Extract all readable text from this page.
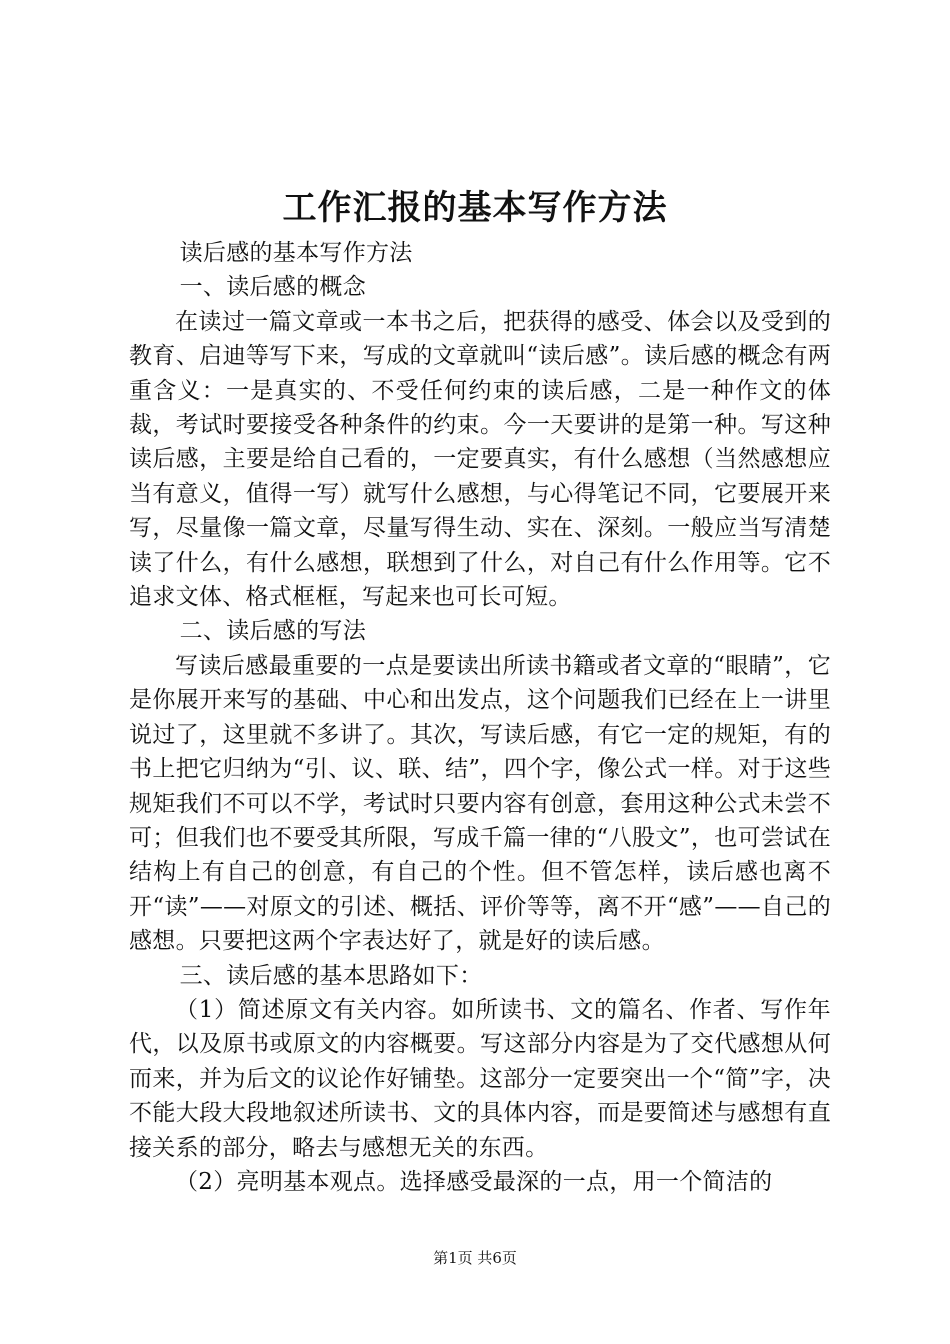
工作汇报的基本写作方法
读后感的基本写作方法
一、读后感的概念
在读过一篇文章或一本书之后，把获得的感受、体会以及受到的教育、启迪等写下来，写成的文章就叫“读后感”。读后感的概念有两重含义：一是真实的、不受任何约束的读后感，二是一种作文的体裁，考试时要接受各种条件的约束。今一天要讲的是第一种。写这种读后感，主要是给自己看的，一定要真实，有什么感想（当然感想应当有意义，值得一写）就写什么感想，与心得笔记不同，它要展开来写，尽量像一篇文章，尽量写得生动、实在、深刻。一般应当写清楚读了什么，有什么感想，联想到了什么，对自己有什么作用等。它不追求文体、格式框框，写起来也可长可短。
二、读后感的写法
写读后感最重要的一点是要读出所读书籍或者文章的“眼睛”，它是你展开来写的基础、中心和出发点，这个问题我们已经在上一讲里说过了，这里就不多讲了。其次，写读后感，有它一定的规矩，有的书上把它归纳为“引、议、联、结”，四个字，像公式一样。对于这些规矩我们不可以不学，考试时只要内容有创意，套用这种公式未尝不可；但我们也不要受其所限，写成千篇一律的“八股文”，也可尝试在结构上有自己的创意，有自己的个性。但不管怎样，读后感也离不开“读”——对原文的引述、概括、评价等等，离不开“感”——自己的感想。只要把这两个字表达好了，就是好的读后感。
三、读后感的基本思路如下：
（1）简述原文有关内容。如所读书、文的篇名、作者、写作年代，以及原书或原文的内容概要。写这部分内容是为了交代感想从何而来，并为后文的议论作好铺垫。这部分一定要突出一个“简”字，决不能大段大段地叙述所读书、文的具体内容，而是要简述与感想有直接关系的部分，略去与感想无关的东西。
（2）亮明基本观点。选择感受最深的一点，用一个简洁的
第1页 共6页
